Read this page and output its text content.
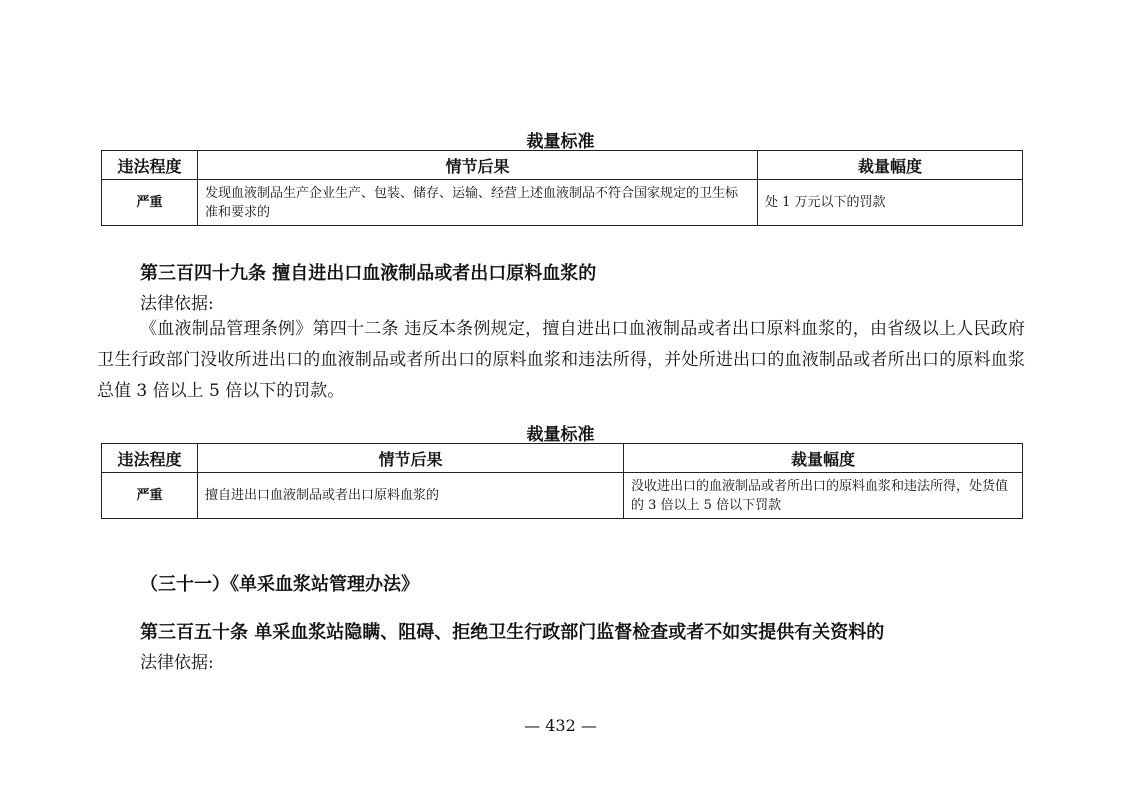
裁量标准
违法程度	情节后果	裁量幅度
严重	发现血液制品生产企业生产、包装、储存、运输、经营上述血液制品不符合国家规定的卫生标准和要求的	处 1 万元以下的罚款
第三百四十九条 擅自进出口血液制品或者出口原料血浆的
法律依据:
《血液制品管理条例》第四十二条 违反本条例规定，擅自进出口血液制品或者出口原料血浆的，由省级以上人民政府卫生行政部门没收所进出口的血液制品或者所出口的原料血浆和违法所得，并处所进出口的血液制品或者所出口的原料血浆总值 3 倍以上 5 倍以下的罚款。
裁量标准
违法程度	情节后果	裁量幅度
严重	擅自进出口血液制品或者出口原料血浆的	没收进出口的血液制品或者所出口的原料血浆和违法所得，处货值的 3 倍以上 5 倍以下罚款
（三十一）《单采血浆站管理办法》
第三百五十条 单采血浆站隐瞒、阻碍、拒绝卫生行政部门监督检查或者不如实提供有关资料的
法律依据:
— 432 —
